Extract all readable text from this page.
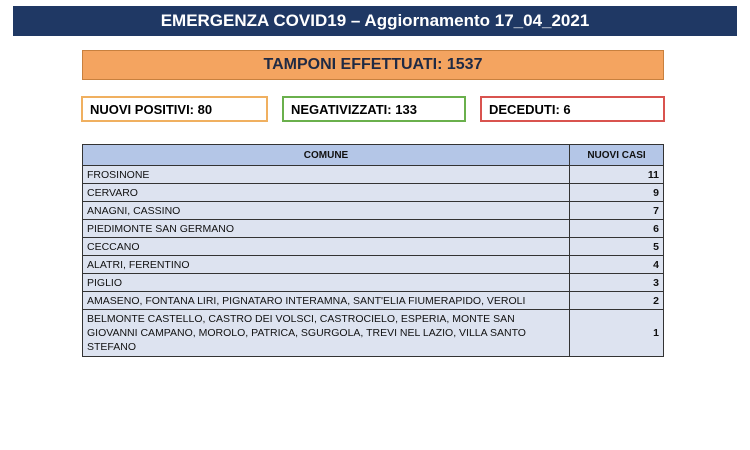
EMERGENZA COVID19 – Aggiornamento 17_04_2021
TAMPONI EFFETTUATI: 1537
NUOVI POSITIVI: 80	NEGATIVIZZATI: 133	DECEDUTI: 6
COMUNE	NUOVI CASI
FROSINONE	11
CERVARO	9
ANAGNI, CASSINO	7
PIEDIMONTE SAN GERMANO	6
CECCANO	5
ALATRI, FERENTINO	4
PIGLIO	3
AMASENO, FONTANA LIRI, PIGNATARO INTERAMNA, SANT'ELIA FIUMERAPIDO, VEROLI	2
BELMONTE CASTELLO, CASTRO DEI VOLSCI, CASTROCIELO, ESPERIA, MONTE SAN GIOVANNI CAMPANO, MOROLO, PATRICA, SGURGOLA, TREVI NEL LAZIO, VILLA SANTO STEFANO	1
